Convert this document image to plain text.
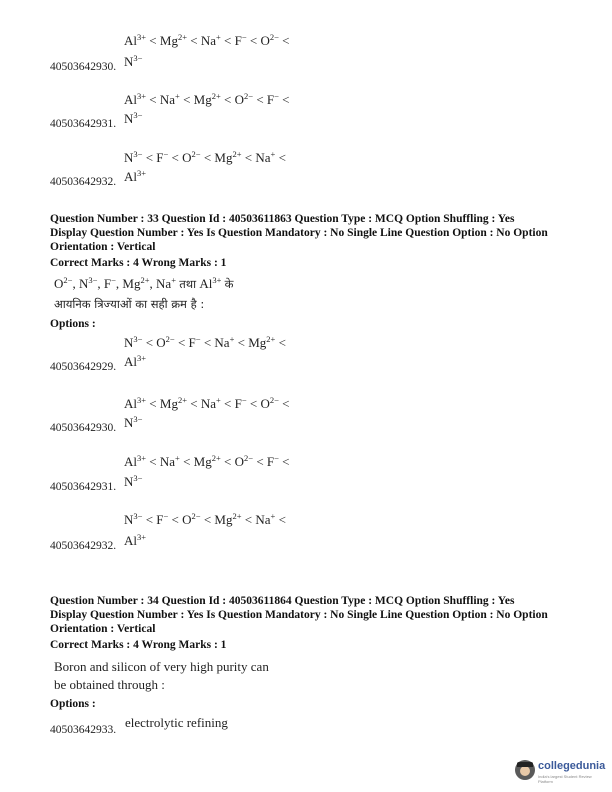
$Al^{3+} < Mg^{2+} < Na^+ < F^- < O^{2-}$ <
40503642930. $N^{3-}$
$Al^{3+} < Na^+ < Mg^{2+} < O^{2-} < F^-$ <
40503642931. $N^{3-}$
$N^{3-} < F^- < O^{2-} < Mg^{2+} < Na^+$ <
40503642932. $Al^{3+}$
Question Number : 33 Question Id : 40503611863 Question Type : MCQ Option Shuffling : Yes
Display Question Number : Yes Is Question Mandatory : No Single Line Question Option : No Option
Orientation : Vertical
Correct Marks : 4 Wrong Marks : 1
$O^{2-}$, $N^{3-}$, F−, $Mg^{2+}$, Na+ तथा $Al^{3+}$ के
आयनिक त्रिज्याओं का सही क्रम है :
Options :
$N^{3-} < O^{2-} < F^- < Na^+ < Mg^{2+}$ <
40503642929. $Al^{3+}$
$Al^{3+} < Mg^{2+} < Na^+ < F^- < O^{2-}$ <
40503642930. $N^{3-}$
$Al^{3+} < Na^+ < Mg^{2+} < O^{2-} < F^-$ <
40503642931. $N^{3-}$
$N^{3-} < F^- < O^{2-} < Mg^{2+} < Na^+$ <
40503642932. $Al^{3+}$
Question Number : 34 Question Id : 40503611864 Question Type : MCQ Option Shuffling : Yes
Display Question Number : Yes Is Question Mandatory : No Single Line Question Option : No Option
Orientation : Vertical
Correct Marks : 4 Wrong Marks : 1
Boron and silicon of very high purity can
be obtained through :
Options :
40503642933. electrolytic refining
collegedunia
India's largest Student Review Platform
